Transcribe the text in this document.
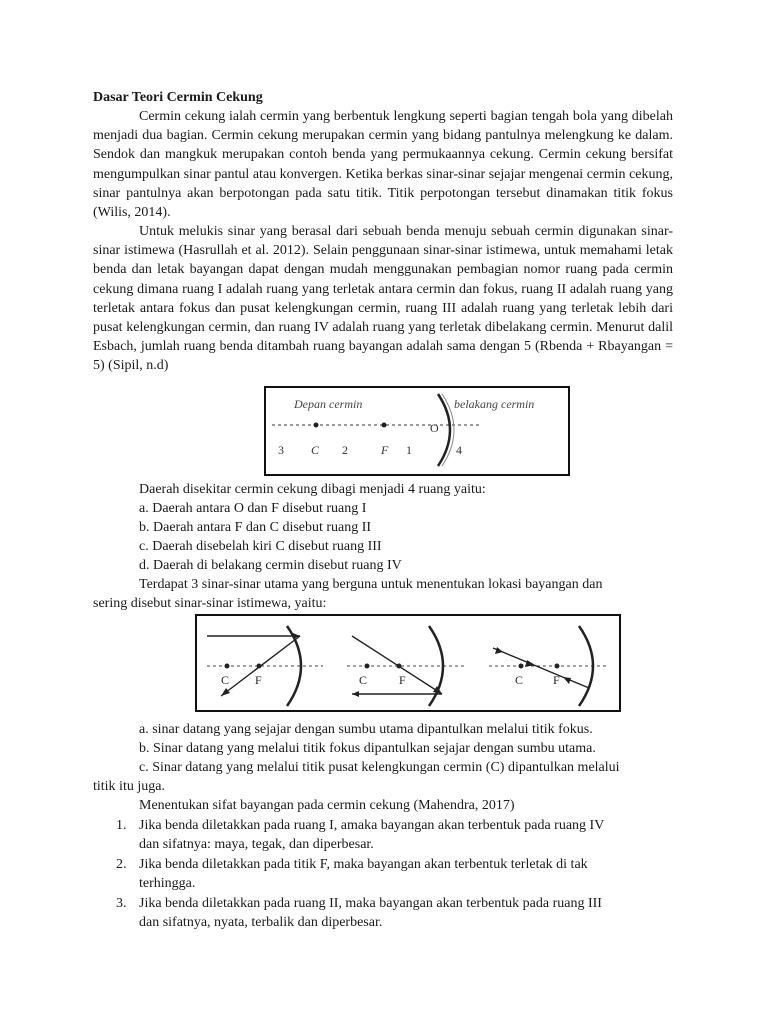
Dasar Teori Cermin Cekung

Cermin cekung ialah cermin yang berbentuk lengkung seperti bagian tengah bola yang dibelah menjadi dua bagian. Cermin cekung merupakan cermin yang bidang pantulnya melengkung ke dalam. Sendok dan mangkuk merupakan contoh benda yang permukaannya cekung. Cermin cekung bersifat mengumpulkan sinar pantul atau konvergen. Ketika berkas sinar-sinar sejajar mengenai cermin cekung, sinar pantulnya akan berpotongan pada satu titik. Titik perpotongan tersebut dinamakan titik fokus (Wilis, 2014).

Untuk melukis sinar yang berasal dari sebuah benda menuju sebuah cermin digunakan sinar-sinar istimewa (Hasrullah et al. 2012). Selain penggunaan sinar-sinar istimewa, untuk memahami letak benda dan letak bayangan dapat dengan mudah menggunakan pembagian nomor ruang pada cermin cekung dimana ruang I adalah ruang yang terletak antara cermin dan fokus, ruang II adalah ruang yang terletak antara fokus dan pusat kelengkungan cermin, ruang III adalah ruang yang terletak lebih dari pusat kelengkungan cermin, dan ruang IV adalah ruang yang terletak dibelakang cermin. Menurut dalil Esbach, jumlah ruang benda ditambah ruang bayangan adalah sama dengan 5 (Rbenda + Rbayangan = 5) (Sipil, n.d)

Depan cermin	belakang cermin
O
3 C 2	F 1	4

Daerah disekitar cermin cekung dibagi menjadi 4 ruang yaitu:

a. Daerah antara O dan F disebut ruang I

b. Daerah antara F dan C disebut ruang II

c. Daerah disebelah kiri C disebut ruang III

d. Daerah di belakang cermin disebut ruang IV

Terdapat 3 sinar-sinar utama yang berguna untuk menentukan lokasi bayangan dan

sering disebut sinar-sinar istimewa, yaitu:

C F	C	F	C F

a. sinar datang yang sejajar dengan sumbu utama dipantulkan melalui titik fokus.

b. Sinar datang yang melalui titik fokus dipantulkan sejajar dengan sumbu utama.

c. Sinar datang yang melalui titik pusat kelengkungan cermin (C) dipantulkan melalui

titik itu juga.

Menentukan sifat bayangan pada cermin cekung (Mahendra, 2017)

1. Jika benda diletakkan pada ruang I, amaka bayangan akan terbentuk pada ruang IV

dan sifatnya: maya, tegak, dan diperbesar.

2. Jika benda diletakkan pada titik F, maka bayangan akan terbentuk terletak di tak

terhingga.

3. Jika benda diletakkan pada ruang II, maka bayangan akan terbentuk pada ruang III

dan sifatnya, nyata, terbalik dan diperbesar.
